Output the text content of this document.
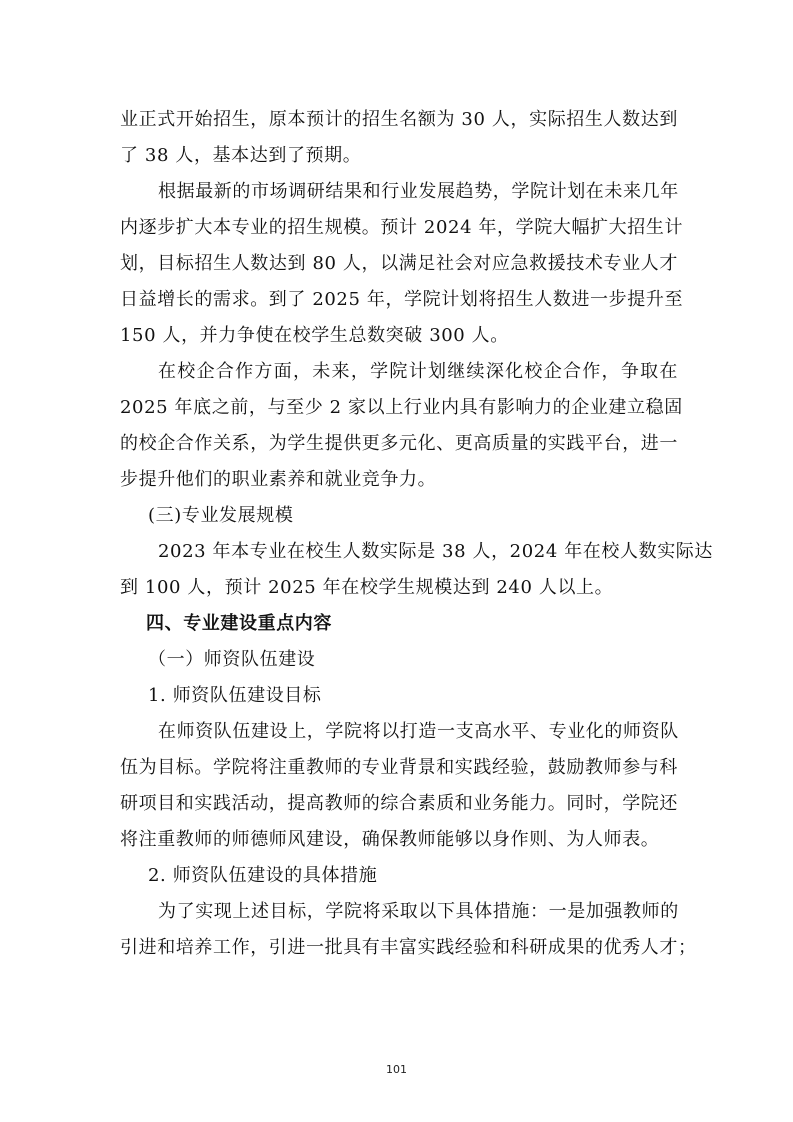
业正式开始招生，原本预计的招生名额为 30 人，实际招生人数达到
了 38 人，基本达到了预期。
根据最新的市场调研结果和行业发展趋势，学院计划在未来几年
内逐步扩大本专业的招生规模。预计 2024 年，学院大幅扩大招生计
划，目标招生人数达到 80 人，以满足社会对应急救援技术专业人才
日益增长的需求。到了 2025 年，学院计划将招生人数进一步提升至
150 人，并力争使在校学生总数突破 300 人。
在校企合作方面，未来，学院计划继续深化校企合作，争取在
2025 年底之前，与至少 2 家以上行业内具有影响力的企业建立稳固
的校企合作关系，为学生提供更多元化、更高质量的实践平台，进一
步提升他们的职业素养和就业竞争力。
(三)专业发展规模
2023 年本专业在校生人数实际是 38 人，2024 年在校人数实际达
到 100 人，预计 2025 年在校学生规模达到 240 人以上。
四、专业建设重点内容
（一）师资队伍建设
1. 师资队伍建设目标
在师资队伍建设上，学院将以打造一支高水平、专业化的师资队
伍为目标。学院将注重教师的专业背景和实践经验，鼓励教师参与科
研项目和实践活动，提高教师的综合素质和业务能力。同时，学院还
将注重教师的师德师风建设，确保教师能够以身作则、为人师表。
2. 师资队伍建设的具体措施
为了实现上述目标，学院将采取以下具体措施：一是加强教师的
引进和培养工作，引进一批具有丰富实践经验和科研成果的优秀人才；
101
